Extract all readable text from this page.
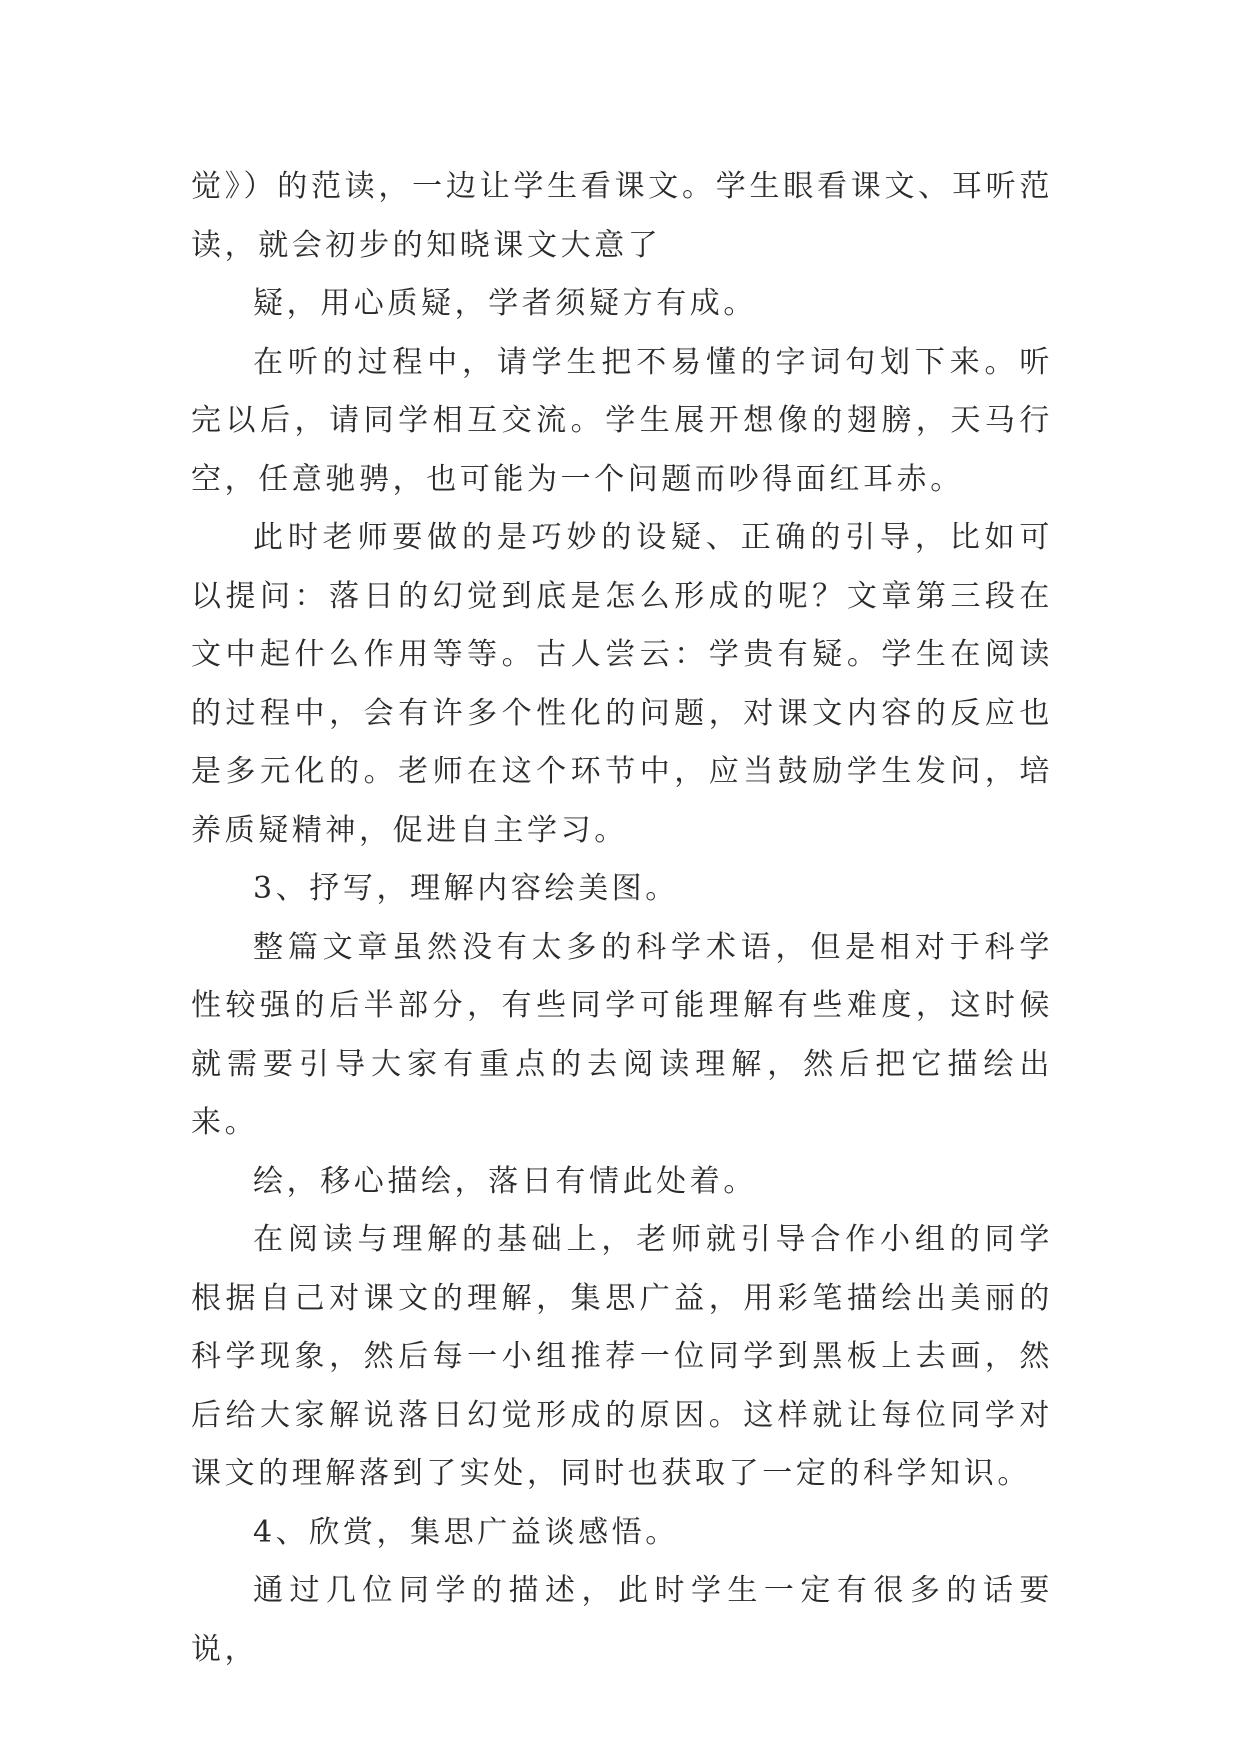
觉》）的范读，一边让学生看课文。学生眼看课文、耳听范读，就会初步的知晓课文大意了

疑，用心质疑，学者须疑方有成。

在听的过程中，请学生把不易懂的字词句划下来。听完以后，请同学相互交流。学生展开想像的翅膀，天马行空，任意驰骋，也可能为一个问题而吵得面红耳赤。

此时老师要做的是巧妙的设疑、正确的引导，比如可以提问：落日的幻觉到底是怎么形成的呢？文章第三段在文中起什么作用等等。古人尝云：学贵有疑。学生在阅读的过程中，会有许多个性化的问题，对课文内容的反应也是多元化的。老师在这个环节中，应当鼓励学生发问，培养质疑精神，促进自主学习。

3、抒写，理解内容绘美图。

整篇文章虽然没有太多的科学术语，但是相对于科学性较强的后半部分，有些同学可能理解有些难度，这时候就需要引导大家有重点的去阅读理解，然后把它描绘出来。

绘，移心描绘，落日有情此处着。

在阅读与理解的基础上，老师就引导合作小组的同学根据自己对课文的理解，集思广益，用彩笔描绘出美丽的科学现象，然后每一小组推荐一位同学到黑板上去画，然后给大家解说落日幻觉形成的原因。这样就让每位同学对课文的理解落到了实处，同时也获取了一定的科学知识。

4、欣赏，集思广益谈感悟。

通过几位同学的描述，此时学生一定有很多的话要说，
